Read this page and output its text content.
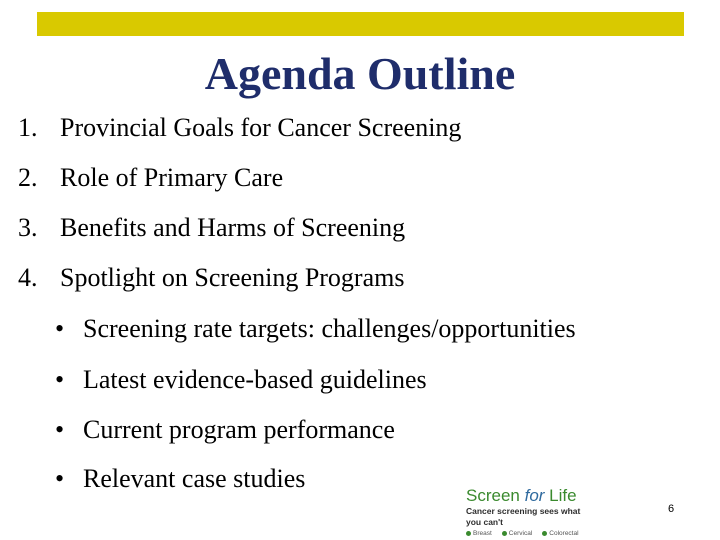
Agenda Outline
1. Provincial Goals for Cancer Screening
2. Role of Primary Care
3. Benefits and Harms of Screening
4. Spotlight on Screening Programs
• Screening rate targets: challenges/opportunities
• Latest evidence-based guidelines
• Current program performance
• Relevant case studies
Screen for Life
Cancer screening sees what you can't
Breast	Cervical	Colorectal
6
